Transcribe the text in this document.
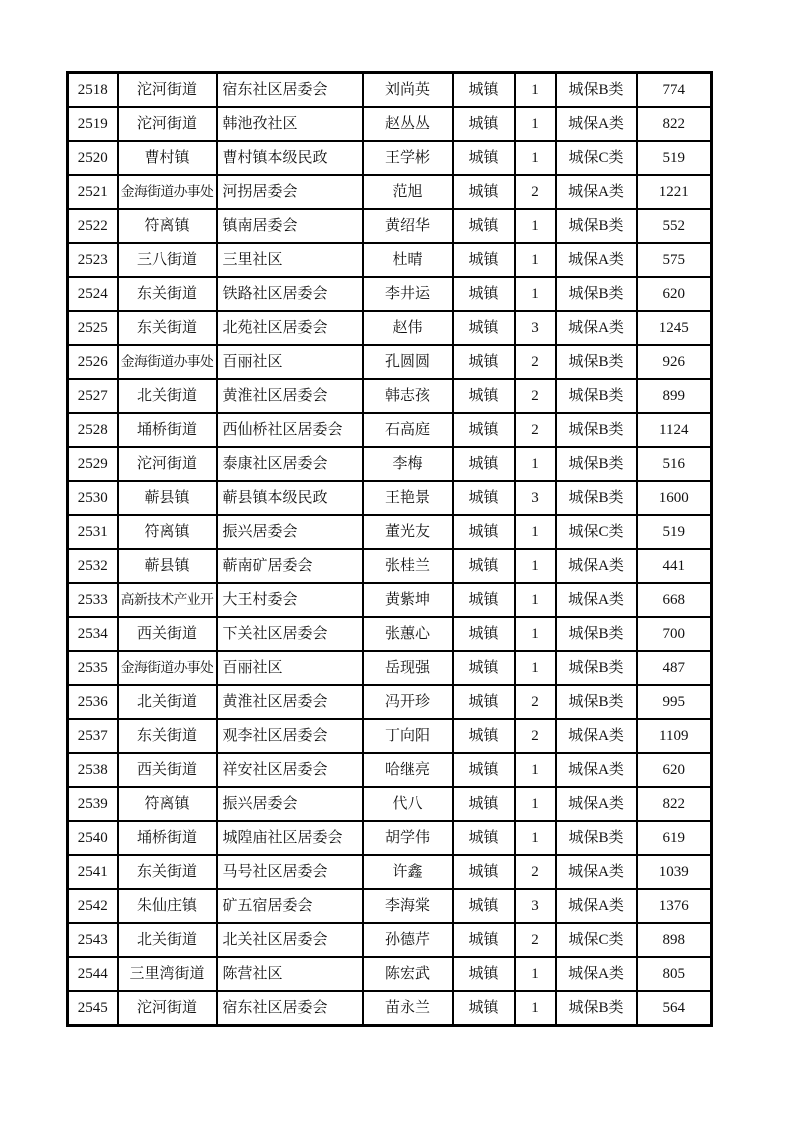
2518	沱河街道	宿东社区居委会	刘尚英	城镇	1	城保B类	774
2519	沱河街道	韩池孜社区	赵丛丛	城镇	1	城保A类	822
2520	曹村镇	曹村镇本级民政	王学彬	城镇	1	城保C类	519
2521	金海街道办事处	河拐居委会	范旭	城镇	2	城保A类	1221
2522	符离镇	镇南居委会	黄绍华	城镇	1	城保B类	552
2523	三八街道	三里社区	杜晴	城镇	1	城保A类	575
2524	东关街道	铁路社区居委会	李井运	城镇	1	城保B类	620
2525	东关街道	北苑社区居委会	赵伟	城镇	3	城保A类	1245
2526	金海街道办事处	百丽社区	孔圆圆	城镇	2	城保B类	926
2527	北关街道	黄淮社区居委会	韩志孩	城镇	2	城保B类	899
2528	埇桥街道	西仙桥社区居委会	石高庭	城镇	2	城保B类	1124
2529	沱河街道	泰康社区居委会	李梅	城镇	1	城保B类	516
2530	蕲县镇	蕲县镇本级民政	王艳景	城镇	3	城保B类	1600
2531	符离镇	振兴居委会	董光友	城镇	1	城保C类	519
2532	蕲县镇	蕲南矿居委会	张桂兰	城镇	1	城保A类	441
2533	高新技术产业开	大王村委会	黄紫坤	城镇	1	城保A类	668
2534	西关街道	下关社区居委会	张蕙心	城镇	1	城保B类	700
2535	金海街道办事处	百丽社区	岳现强	城镇	1	城保B类	487
2536	北关街道	黄淮社区居委会	冯开珍	城镇	2	城保B类	995
2537	东关街道	观李社区居委会	丁向阳	城镇	2	城保A类	1109
2538	西关街道	祥安社区居委会	哈继亮	城镇	1	城保A类	620
2539	符离镇	振兴居委会	代八	城镇	1	城保A类	822
2540	埇桥街道	城隍庙社区居委会	胡学伟	城镇	1	城保B类	619
2541	东关街道	马号社区居委会	许鑫	城镇	2	城保A类	1039
2542	朱仙庄镇	矿五宿居委会	李海棠	城镇	3	城保A类	1376
2543	北关街道	北关社区居委会	孙德芹	城镇	2	城保C类	898
2544	三里湾街道	陈营社区	陈宏武	城镇	1	城保A类	805
2545	沱河街道	宿东社区居委会	苗永兰	城镇	1	城保B类	564
